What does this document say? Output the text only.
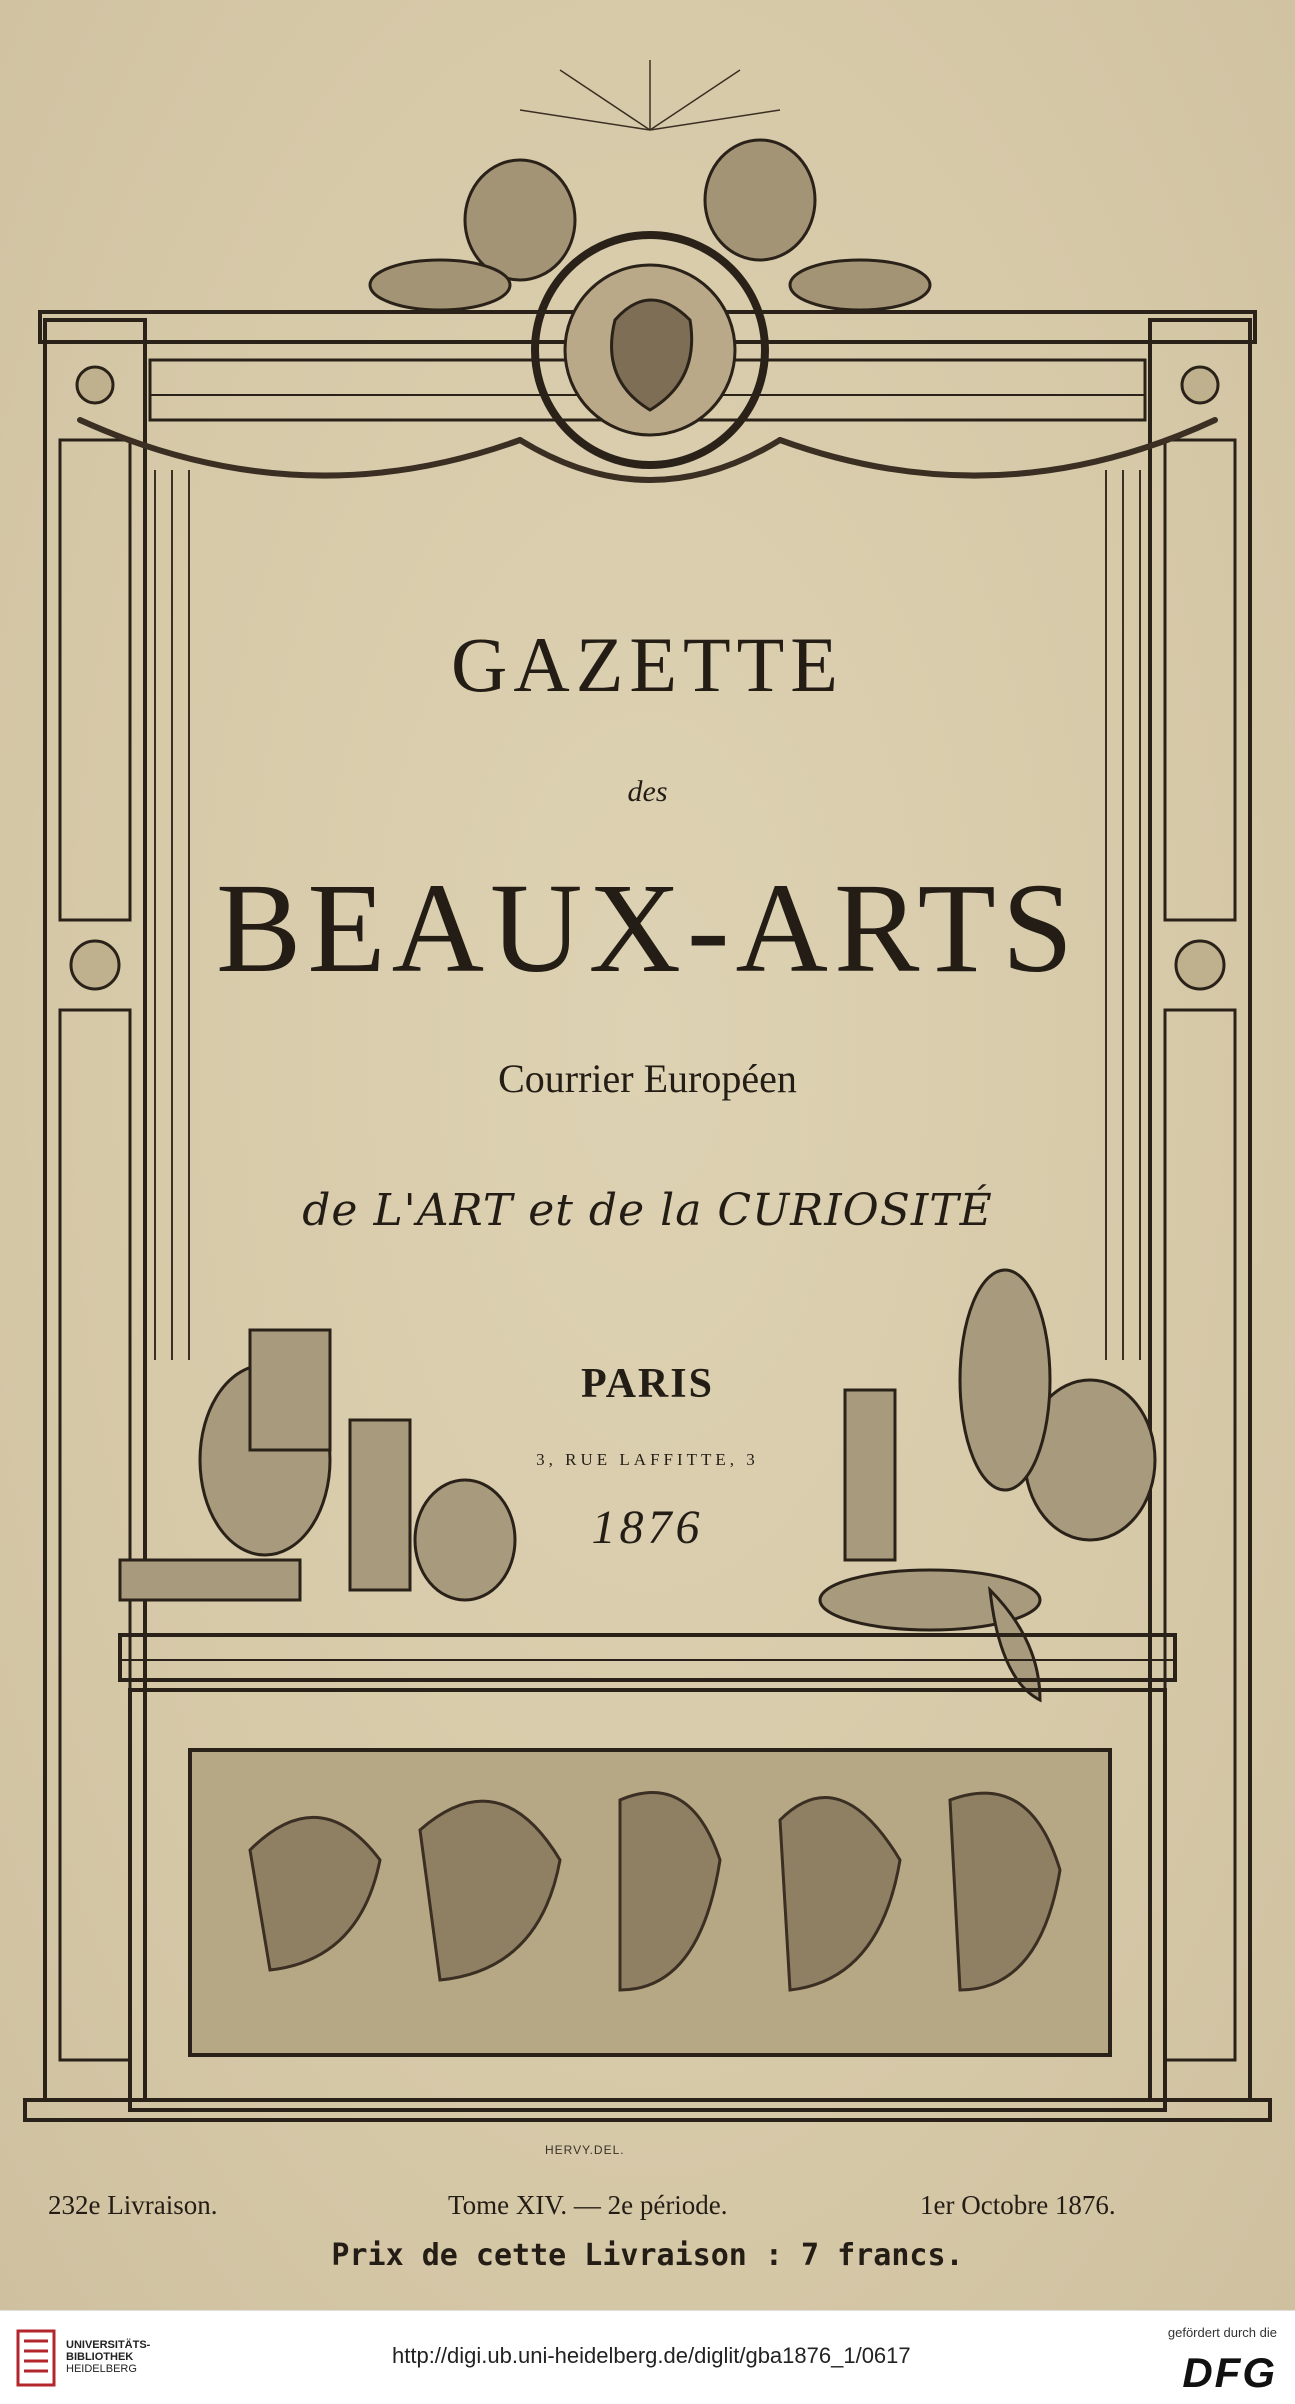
GAZETTE
des
BEAUX-ARTS
Courrier Européen
de L'ART et de la CURIOSITÉ
PARIS
3, RUE LAFFITTE, 3
1876
HERVY.DEL.
232e Livraison.	Tome XIV. — 2e période.	1er Octobre 1876.
Prix de cette Livraison : 7 francs.
UNIVERSITÄTS-
BIBLIOTHEK
HEIDELBERG
http://digi.ub.uni-heidelberg.de/diglit/gba1876_1/0617
gefördert durch die
DFG
